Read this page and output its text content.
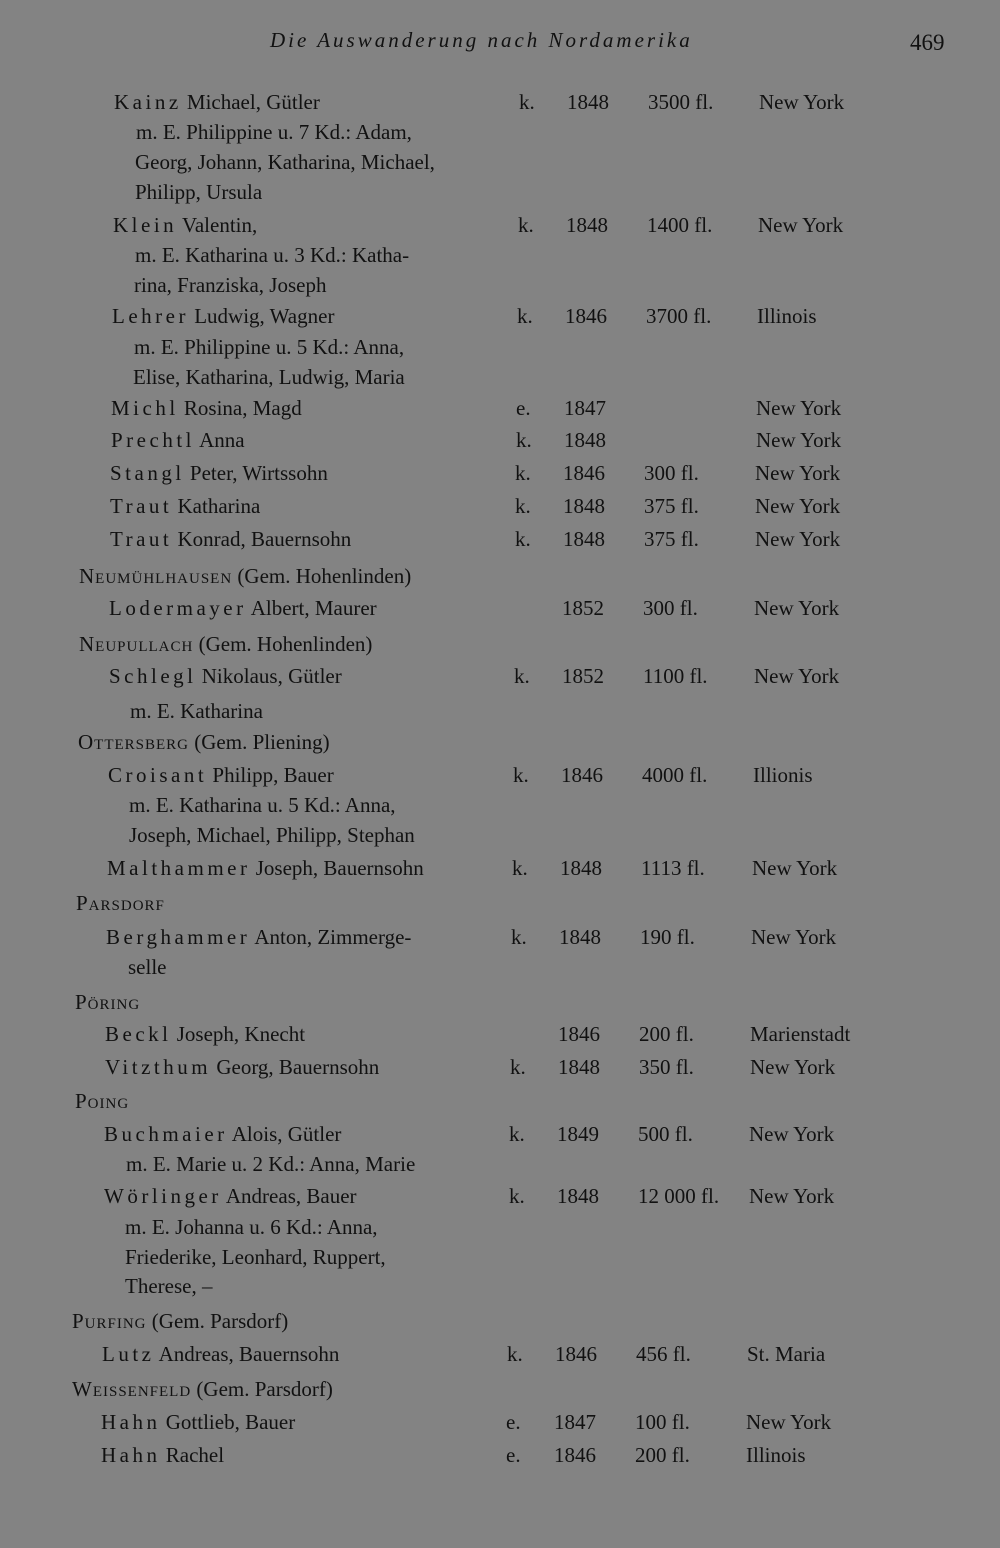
Die Auswanderung nach Nordamerika	469
Kainz Michael, Gütler	k. 1848 3500 fl. New York
m. E. Philippine u. 7 Kd.: Adam,
Georg, Johann, Katharina, Michael,
Philipp, Ursula
Klein Valentin,	k. 1848 1400 fl. New York
m. E. Katharina u. 3 Kd.: Katha-
rina, Franziska, Joseph
Lehrer Ludwig, Wagner	k. 1846 3700 fl. Illinois
m. E. Philippine u. 5 Kd.: Anna,
Elise, Katharina, Ludwig, Maria
Michl Rosina, Magd	e. 1847	New York
Prechtl Anna	k. 1848	New York
Stangl Peter, Wirtssohn	k. 1846 300 fl.	New York
Traut Katharina	k. 1848 375 fl.	New York
Traut Konrad, Bauernsohn	k. 1848 375 fl.	New York
Neumühlhausen (Gem. Hohenlinden)
Lodermayer Albert, Maurer	1852 300 fl.	New York
Neupullach (Gem. Hohenlinden)
Schlegl Nikolaus, Gütler	k. 1852 1100 fl. New York
m. E. Katharina
Ottersberg (Gem. Pliening)
Croisant Philipp, Bauer	k. 1846 4000 fl. Illionis
m. E. Katharina u. 5 Kd.: Anna,
Joseph, Michael, Philipp, Stephan
Malthammer Joseph, Bauernsohn	k. 1848 1113 fl. New York
Parsdorf
Berghammer Anton, Zimmerge-	k. 1848 190 fl.	New York
selle
Pöring
Beckl Joseph, Knecht	1846 200 fl.	Marienstadt
Vitzthum Georg, Bauernsohn	k. 1848 350 fl.	New York
Poing
Buchmaier Alois, Gütler	k. 1849 500 fl.	New York
m. E. Marie u. 2 Kd.: Anna, Marie
Wörlinger Andreas, Bauer	k. 1848 12 000 fl. New York
m. E. Johanna u. 6 Kd.: Anna,
Friederike, Leonhard, Ruppert,
Therese, –
Purfing (Gem. Parsdorf)
Lutz Andreas, Bauernsohn	k. 1846 456 fl.	St. Maria
Weissenfeld (Gem. Parsdorf)
Hahn Gottlieb, Bauer	e. 1847 100 fl.	New York
Hahn Rachel	e. 1846 200 fl.	Illinois
